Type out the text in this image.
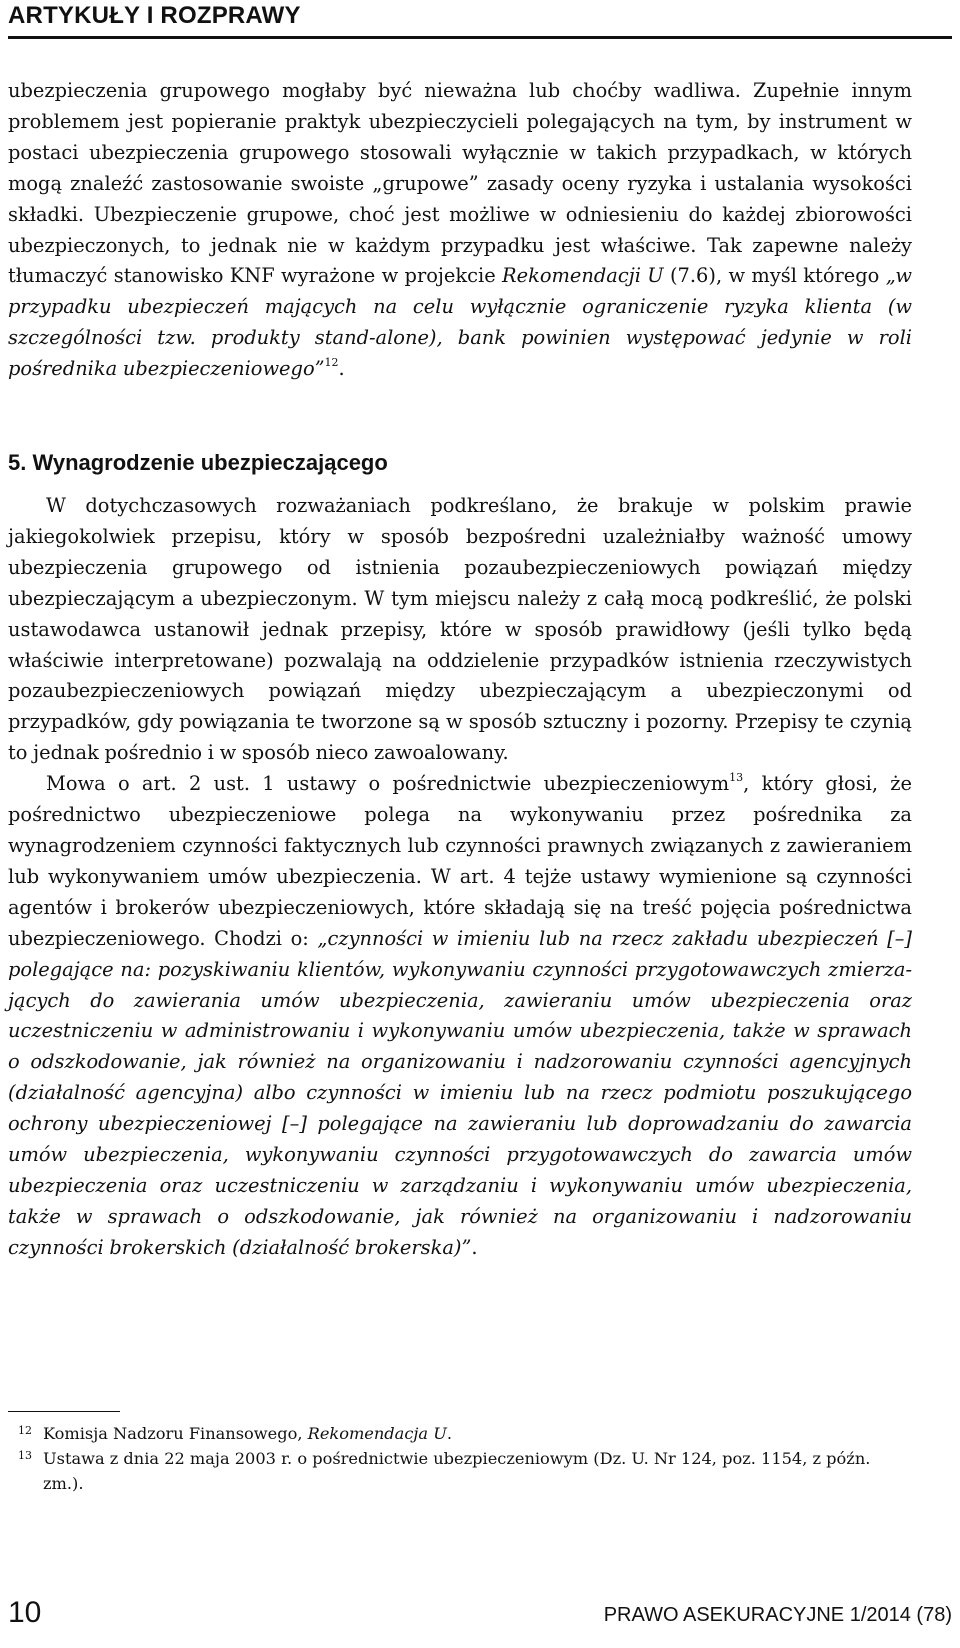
ARTYKUŁY I ROZPRAWY

ubezpieczenia grupowego mogłaby być nieważna lub choćby wadliwa. Zupełnie innym problemem jest popieranie praktyk ubezpieczycieli polegających na tym, by instrument w postaci ubezpieczenia grupowego stosowali wyłącznie w takich przypadkach, w których mogą znaleźć zastosowanie swoiste „grupowe” zasady oceny ryzyka i ustalania wysokości składki. Ubezpieczenie grupowe, choć jest możliwe w odniesieniu do każdej zbiorowości ubezpieczonych, to jednak nie w każdym przypadku jest właściwe. Tak zapewne należy tłumaczyć stanowisko KNF wyrażone w projekcie Rekomendacji U (7.6), w myśl którego „w przypadku ubezpieczeń mających na celu wyłącznie ograniczenie ryzyka klienta (w szczególności tzw. produkty stand-alone), bank powinien występować jedynie w roli pośrednika ubezpieczeniowego”$^{12}$.

5. Wynagrodzenie ubezpieczającego

W dotychczasowych rozważaniach podkreślano, że brakuje w polskim prawie jakiegokolwiek przepisu, który w sposób bezpośredni uzależniałby ważność umowy ubezpieczenia grupowego od istnienia pozaubezpieczeniowych powiązań między ubezpieczającym a ubezpieczonym. W tym miejscu należy z całą mocą podkreślić, że polski ustawodawca ustanowił jednak przepisy, które w sposób prawidłowy (jeśli tylko będą właściwie interpretowane) pozwalają na oddzielenie przypadków istnienia rzeczywistych pozaubezpieczeniowych powiązań między ubezpieczającym a ubezpieczonymi od przypadków, gdy powiązania te tworzone są w sposób sztuczny i pozorny. Przepisy te czynią to jednak pośrednio i w sposób nieco zawoalowany.

Mowa o art. 2 ust. 1 ustawy o pośrednictwie ubezpieczeniowym$^{13}$, który głosi, że pośrednictwo ubezpieczeniowe polega na wykonywaniu przez pośrednika za wynagrodzeniem czynności faktycznych lub czynności prawnych związanych z zawieraniem lub wykonywaniem umów ubezpieczenia. W art. 4 tejże ustawy wymienione są czynności agentów i brokerów ubezpieczeniowych, które składają się na treść pojęcia pośrednictwa ubezpieczeniowego. Chodzi o: „czynności w imieniu lub na rzecz zakładu ubezpieczeń [–] polegające na: pozyskiwaniu klientów, wykonywaniu czynności przygotowawczych zmierzających do zawierania umów ubezpieczenia, zawieraniu umów ubezpieczenia oraz uczestniczeniu w administrowaniu i wykonywaniu umów ubezpieczenia, także w sprawach o odszkodowanie, jak również na organizowaniu i nadzorowaniu czynności agencyjnych (działalność agencyjna) albo czynności w imieniu lub na rzecz podmiotu poszukującego ochrony ubezpieczeniowej [–] polegające na zawieraniu lub doprowadzaniu do zawarcia umów ubezpieczenia, wykonywaniu czynności przygotowawczych do zawarcia umów ubezpieczenia oraz uczestniczeniu w zarządzaniu i wykonywaniu umów ubezpieczenia, także w sprawach o odszkodowanie, jak również na organizowaniu i nadzorowaniu czynności brokerskich (działalność brokerska)”.

12 Komisja Nadzoru Finansowego, Rekomendacja U.

13 Ustawa z dnia 22 maja 2003 r. o pośrednictwie ubezpieczeniowym (Dz. U. Nr 124, poz. 1154, z późn. zm.).

10	PRAWO ASEKURACYJNE 1/2014 (78)
